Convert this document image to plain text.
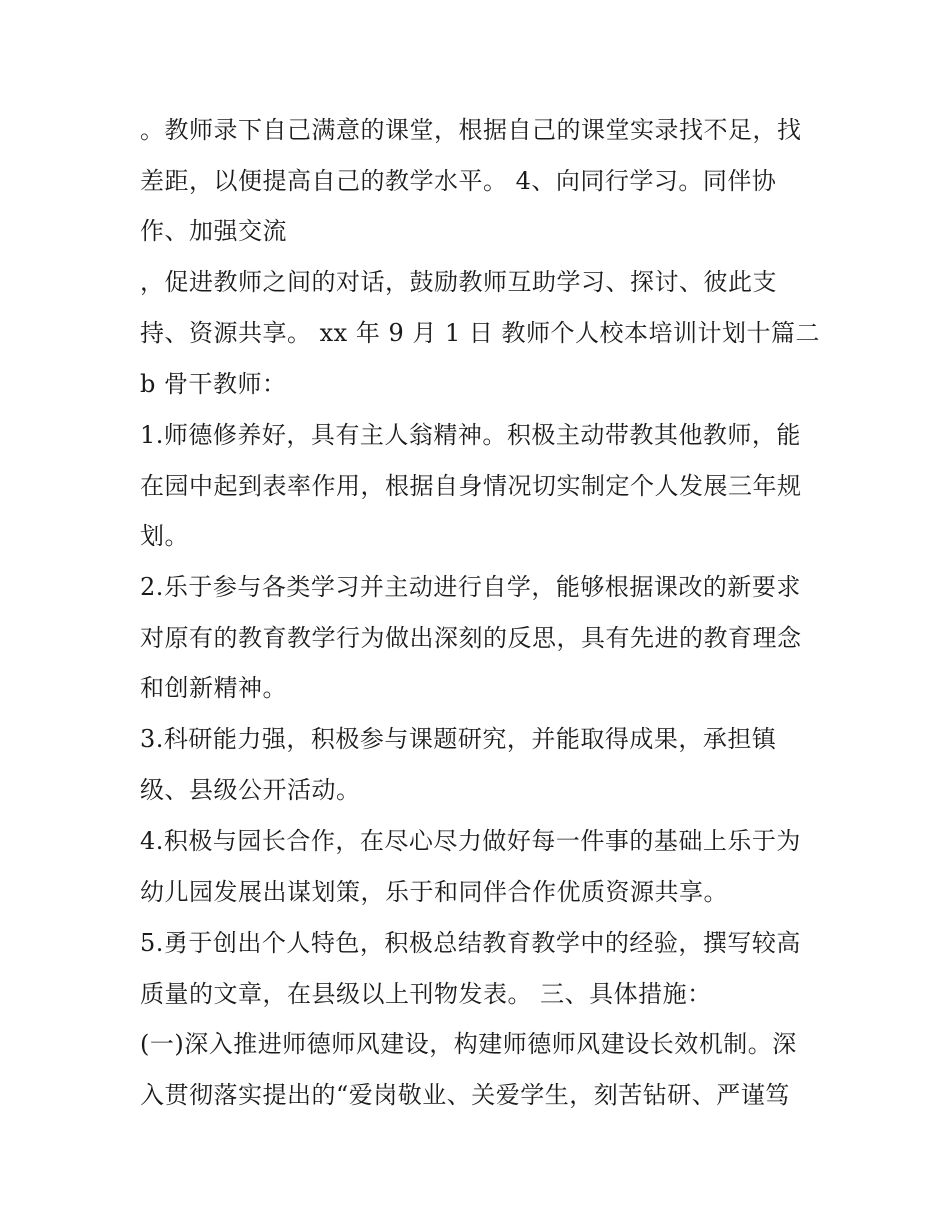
。教师录下自己满意的课堂，根据自己的课堂实录找不足，找
差距，以便提高自己的教学水平。 4、向同行学习。同伴协
作、加强交流
，促进教师之间的对话，鼓励教师互助学习、探讨、彼此支
持、资源共享。 xx 年 9 月 1 日 教师个人校本培训计划十篇二
b 骨干教师：
1.师德修养好，具有主人翁精神。积极主动带教其他教师，能
在园中起到表率作用，根据自身情况切实制定个人发展三年规
划。
2.乐于参与各类学习并主动进行自学，能够根据课改的新要求
对原有的教育教学行为做出深刻的反思，具有先进的教育理念
和创新精神。
3.科研能力强，积极参与课题研究，并能取得成果，承担镇
级、县级公开活动。
4.积极与园长合作，在尽心尽力做好每一件事的基础上乐于为
幼儿园发展出谋划策，乐于和同伴合作优质资源共享。
5.勇于创出个人特色，积极总结教育教学中的经验，撰写较高
质量的文章，在县级以上刊物发表。 三、具体措施：
(一)深入推进师德师风建设，构建师德师风建设长效机制。深
入贯彻落实提出的“爱岗敬业、关爱学生，刻苦钻研、严谨笃
